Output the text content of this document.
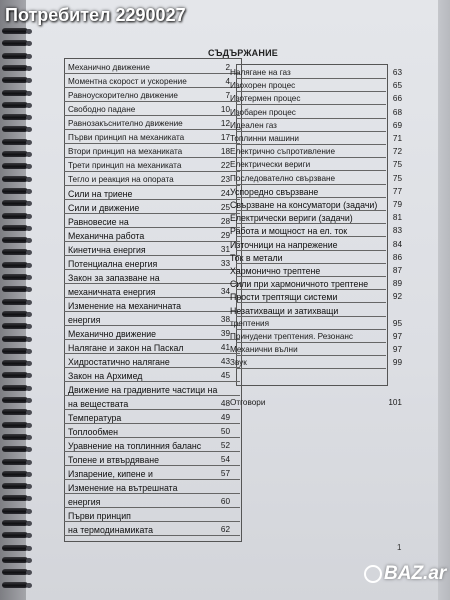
Потребител 2290027
СЪДЪРЖАНИЕ
Механично движение	2
Моментна скорост и ускорение	4
Равноускорително движение	7
Свободно падане	10
Равнозакъснително движение	12
Първи принцип на механиката	17
Втори принцип на механиката	18
Трети принцип на механиката	22
Тегло и реакция на опората	23
Сили на триене	24
Сили и движение	25
Равновесие на	28
Механична работа	29
Кинетична енергия	31
Потенциална енергия	33
Закон за запазване на
механичната енергия	34
Изменение на механичната
енергия	38
Механично движение	39
Налягане и закон на Паскал	41
Хидростатично налягане	43
Закон на Архимед	45
Движение на градивните частици на
на веществата	48
Температура	49
Топлообмен	50
Уравнение на топлинния баланс	52
Топене и втвърдяване	54
Изпарение, кипене и	57
Изменение на вътрешната
енергия	60
Първи принцип
на термодинамиката	62
Налягане на газ	63
Изохорен процес	65
Изотермен процес	66
Изобарен процес	68
Идеален газ	69
Топлинни машини	71
Електрично съпротивление	72
Електрически вериги	75
Последователно свързване	75
Успоредно свързване	77
Свързване на консуматори (задачи)	79
Електрически вериги (задачи)	81
Работа и мощност на ел. ток	83
Източници на напрежение	84
Ток в метали	86
Хармонично трептене	87
Сили при хармоничното трептене	89
Прости трептящи системи	92
Незатихващи и затихващи
трептения	95
Принудени трептения. Резонанс	97
Механични вълни	97
Звук	99
Отговори	101
1
BAZ.ar
